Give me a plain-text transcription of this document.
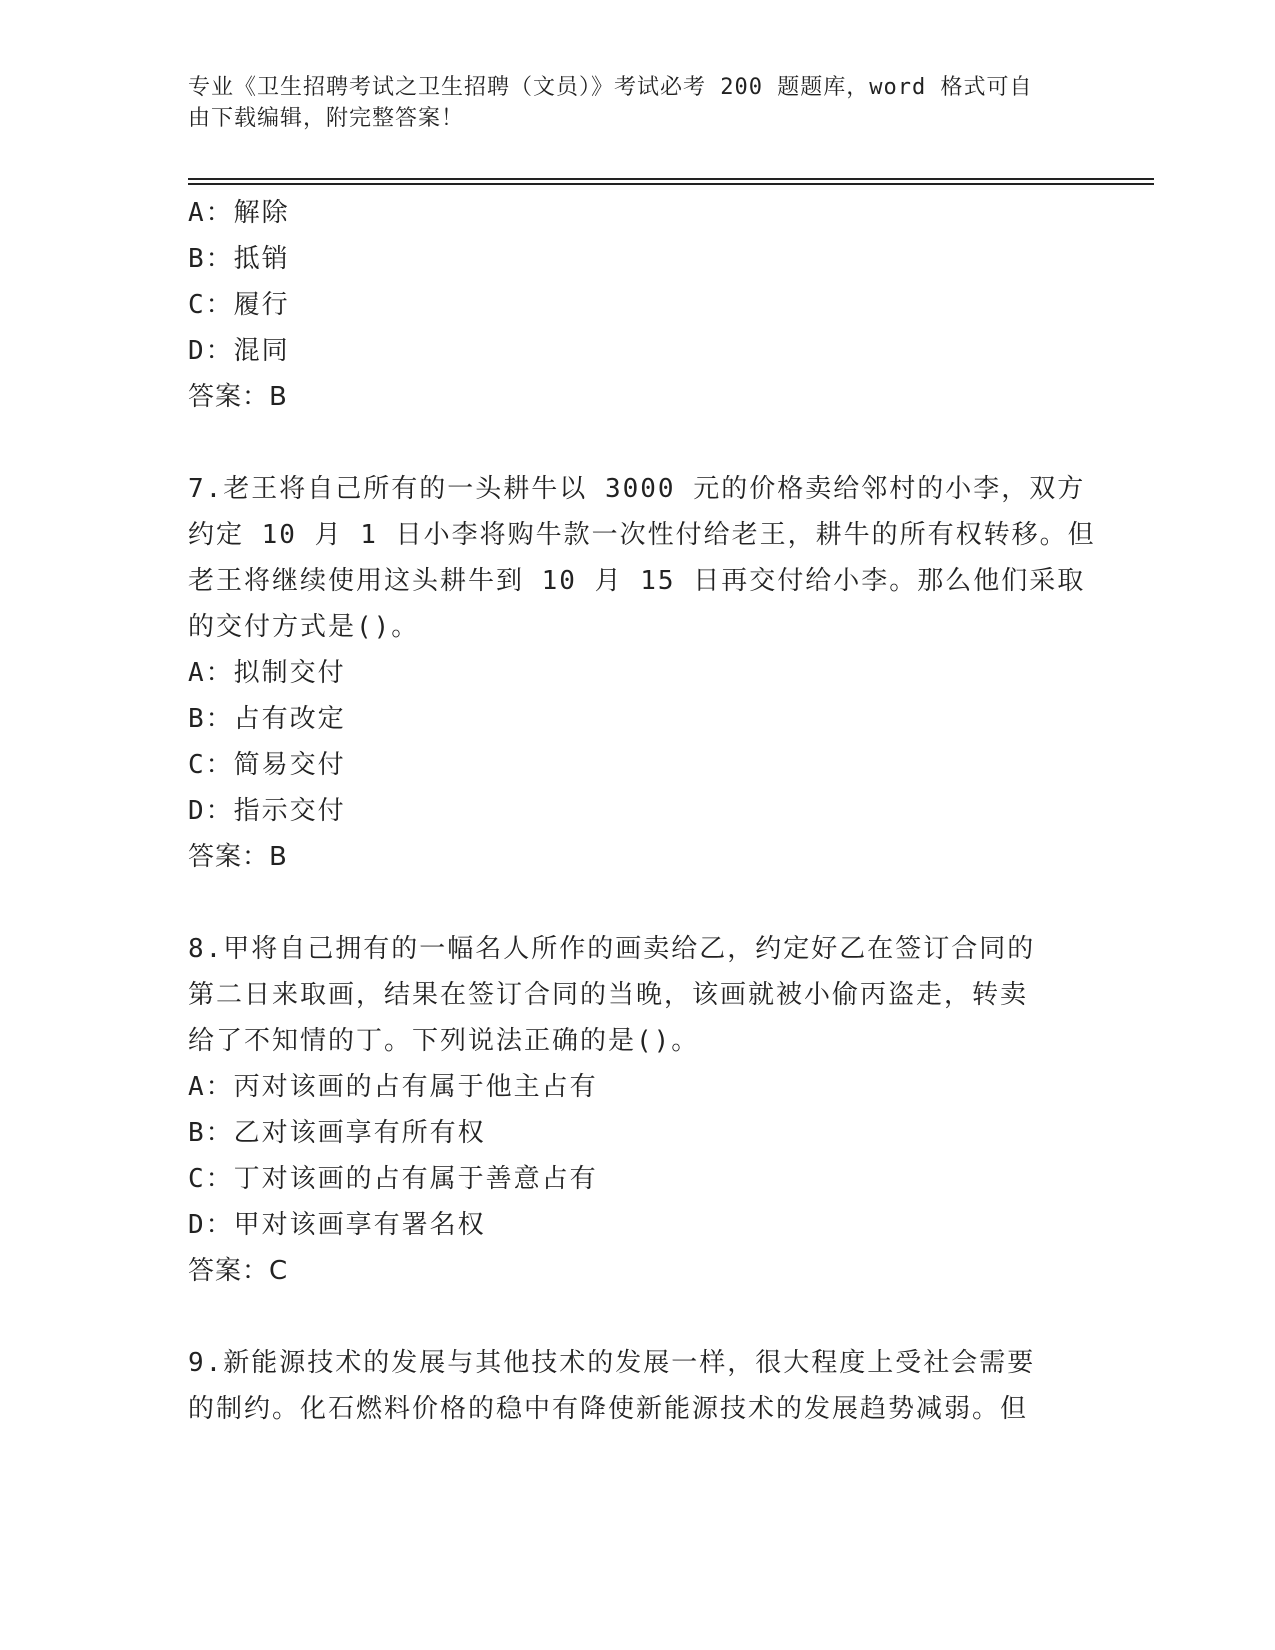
专业《卫生招聘考试之卫生招聘（文员）》考试必考 200 题题库，word 格式可自
由下载编辑，附完整答案！
A：解除
B：抵销
C：履行
D：混同
答案：B
7.老王将自己所有的一头耕牛以 3000 元的价格卖给邻村的小李，双方
约定 10 月 1 日小李将购牛款一次性付给老王，耕牛的所有权转移。但
老王将继续使用这头耕牛到 10 月 15 日再交付给小李。那么他们采取
的交付方式是()。
A：拟制交付
B：占有改定
C：简易交付
D：指示交付
答案：B
8.甲将自己拥有的一幅名人所作的画卖给乙，约定好乙在签订合同的
第二日来取画，结果在签订合同的当晚，该画就被小偷丙盗走，转卖
给了不知情的丁。下列说法正确的是()。
A：丙对该画的占有属于他主占有
B：乙对该画享有所有权
C：丁对该画的占有属于善意占有
D：甲对该画享有署名权
答案：C
9.新能源技术的发展与其他技术的发展一样，很大程度上受社会需要
的制约。化石燃料价格的稳中有降使新能源技术的发展趋势减弱。但
